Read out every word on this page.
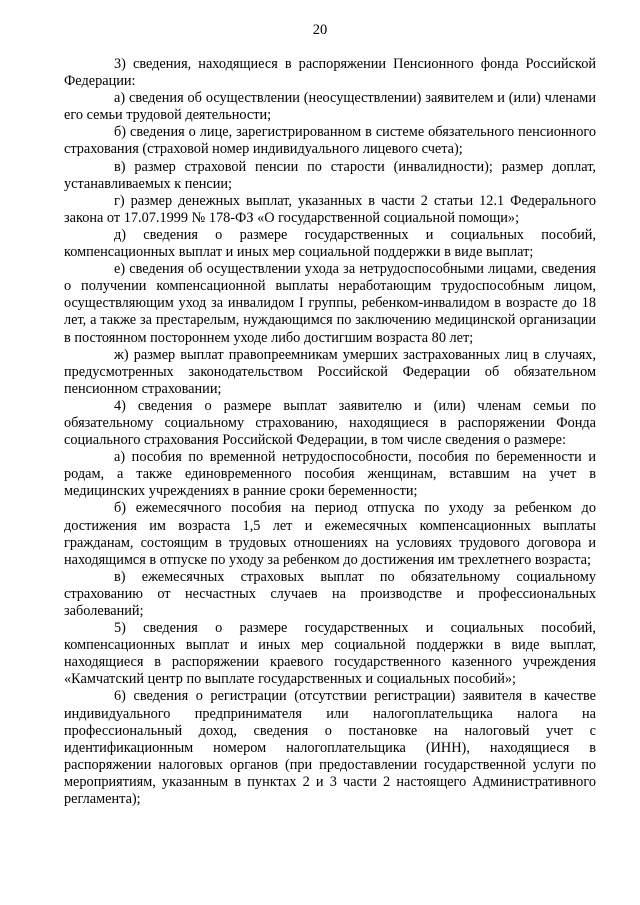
20

3) сведения, находящиеся в распоряжении Пенсионного фонда Российской Федерации:

а) сведения об осуществлении (неосуществлении) заявителем и (или) членами его семьи трудовой деятельности;

б) сведения о лице, зарегистрированном в системе обязательного пенсионного страхования (страховой номер индивидуального лицевого счета);

в) размер страховой пенсии по старости (инвалидности); размер доплат, устанавливаемых к пенсии;

г) размер денежных выплат, указанных в части 2 статьи 12.1 Федерального закона от 17.07.1999 № 178-ФЗ «О государственной социальной помощи»;

д) сведения о размере государственных и социальных пособий, компенсационных выплат и иных мер социальной поддержки в виде выплат;

е) сведения об осуществлении ухода за нетрудоспособными лицами, сведения о получении компенсационной выплаты неработающим трудоспособным лицом, осуществляющим уход за инвалидом I группы, ребенком-инвалидом в возрасте до 18 лет, а также за престарелым, нуждающимся по заключению медицинской организации в постоянном постороннем уходе либо достигшим возраста 80 лет;

ж) размер выплат правопреемникам умерших застрахованных лиц в случаях, предусмотренных законодательством Российской Федерации об обязательном пенсионном страховании;

4) сведения о размере выплат заявителю и (или) членам семьи по обязательному социальному страхованию, находящиеся в распоряжении Фонда социального страхования Российской Федерации, в том числе сведения о размере:

а) пособия по временной нетрудоспособности, пособия по беременности и родам, а также единовременного пособия женщинам, вставшим на учет в медицинских учреждениях в ранние сроки беременности;

б) ежемесячного пособия на период отпуска по уходу за ребенком до достижения им возраста 1,5 лет и ежемесячных компенсационных выплаты гражданам, состоящим в трудовых отношениях на условиях трудового договора и находящимся в отпуске по уходу за ребенком до достижения им трехлетнего возраста;

в) ежемесячных страховых выплат по обязательному социальному страхованию от несчастных случаев на производстве и профессиональных заболеваний;

5) сведения о размере государственных и социальных пособий, компенсационных выплат и иных мер социальной поддержки в виде выплат, находящиеся в распоряжении краевого государственного казенного учреждения «Камчатский центр по выплате государственных и социальных пособий»;

6) сведения о регистрации (отсутствии регистрации) заявителя в качестве индивидуального предпринимателя или налогоплательщика налога на профессиональный доход, сведения о постановке на налоговый учет с идентификационным номером налогоплательщика (ИНН), находящиеся в распоряжении налоговых органов (при предоставлении государственной услуги по мероприятиям, указанным в пунктах 2 и 3 части 2 настоящего Административного регламента);
